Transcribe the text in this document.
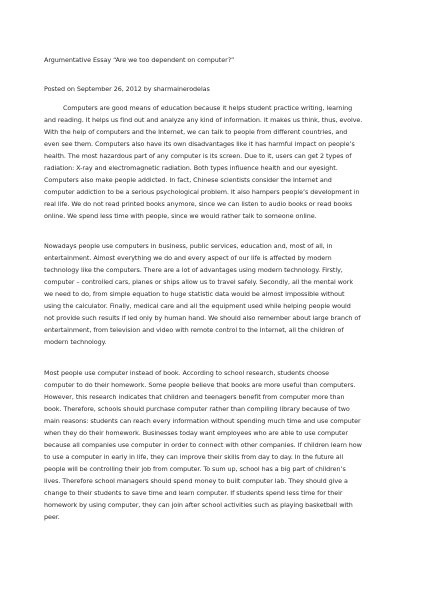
Argumentative Essay “Are we too dependent on computer?”
Posted on September 26, 2012 by sharmainerodelas
Computers are good means of education because it helps student practice writing, learning
and reading. It helps us find out and analyze any kind of information. It makes us think, thus, evolve.
With the help of computers and the Internet, we can talk to people from different countries, and
even see them. Computers also have its own disadvantages like it has harmful impact on people’s
health. The most hazardous part of any computer is its screen. Due to it, users can get 2 types of
radiation: X-ray and electromagnetic radiation. Both types influence health and our eyesight.
Computers also make people addicted. In fact, Chinese scientists consider the Internet and
computer addiction to be a serious psychological problem. It also hampers people’s development in
real life. We do not read printed books anymore, since we can listen to audio books or read books
online. We spend less time with people, since we would rather talk to someone online.
Nowadays people use computers in business, public services, education and, most of all, in
entertainment. Almost everything we do and every aspect of our life is affected by modern
technology like the computers. There are a lot of advantages using modern technology. Firstly,
computer – controlled cars, planes or ships allow us to travel safely. Secondly, all the mental work
we need to do, from simple equation to huge statistic data would be almost impossible without
using the calculator. Finally, medical care and all the equipment used while helping people would
not provide such results if led only by human hand. We should also remember about large branch of
entertainment, from television and video with remote control to the Internet, all the children of
modern technology.
Most people use computer instead of book. According to school research, students choose
computer to do their homework. Some people believe that books are more useful than computers.
However, this research indicates that children and teenagers benefit from computer more than
book. Therefore, schools should purchase computer rather than compiling library because of two
main reasons: students can reach every information without spending much time and use computer
when they do their homework. Businesses today want employees who are able to use computer
because all companies use computer in order to connect with other companies. If children learn how
to use a computer in early in life, they can improve their skills from day to day. In the future all
people will be controlling their job from computer. To sum up, school has a big part of children’s
lives. Therefore school managers should spend money to built computer lab. They should give a
change to their students to save time and learn computer. If students spend less time for their
homework by using computer, they can join after school activities such as playing basketball with
peer.
